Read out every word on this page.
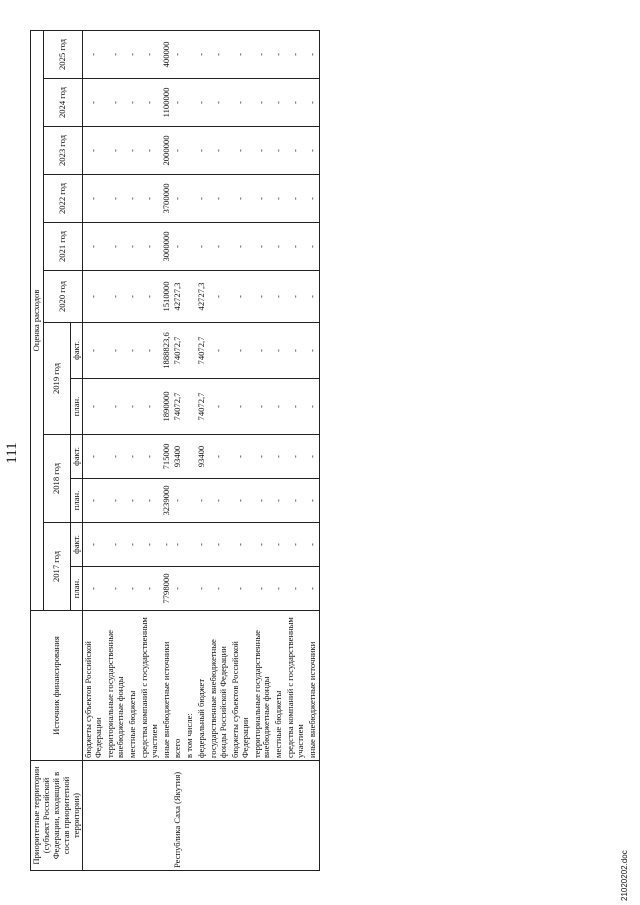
111
Приоритетные территории (субъект Российской Федерации, входящий в состав приоритетной территории)	Источник финансирования	Оценка расходов											
		2017 год		2018 год		2019 год		2020 год	2021 год	2022 год	2023 год	2024 год	2025 год
		план.	факт.	план.	факт.	план.	факт.						
	бюджеты субъектов Российской Федерации	-	-	-	-	-	-	-	-	-	-	-	-
	территориальные государственные внебюджетные фонды	-	-	-	-	-	-	-	-	-	-	-	-
	местные бюджеты	-	-	-	-	-	-	-	-	-	-	-	-
	средства компаний с государственным участием	-	-	-	-	-	-	-	-	-	-	-	-
	иные внебюджетные источники	7798000	-	3239000	715000	1890000	1888823,6	1510000	3000000	3700000	2000000	1100000	400000
Республика Саха (Якутия)	всего	-	-	-	93400	74072,7	74072,7	42727,3	-	-	-	-	-
	в том числе:												
	федеральный бюджет	-	-	-	93400	74072,7	74072,7	42727,3	-	-	-	-	-
	государственные внебюджетные фонды Российской Федерации	-	-	-	-	-	-	-	-	-	-	-	-
	бюджеты субъектов Российской Федерации	-	-	-	-	-	-	-	-	-	-	-	-
	территориальные государственные внебюджетные фонды	-	-	-	-	-	-	-	-	-	-	-	-
	местные бюджеты	-	-	-	-	-	-	-	-	-	-	-	-
	средства компаний с государственным участием	-	-	-	-	-	-	-	-	-	-	-	-
	иные внебюджетные источники	-	-	-	-	-	-	-	-	-	-	-	-
21020202.doc
